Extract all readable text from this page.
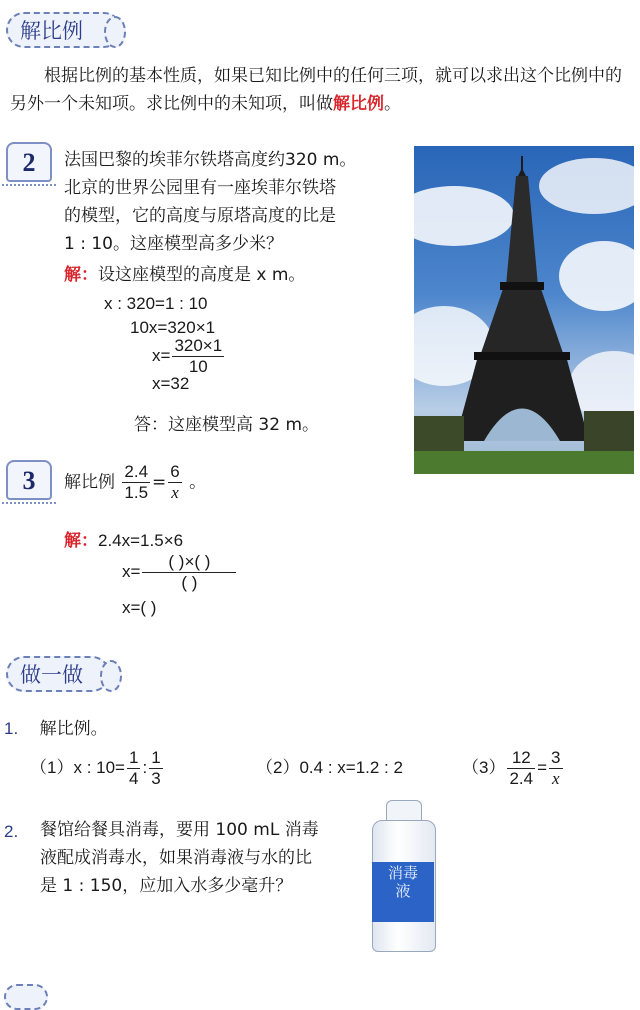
解比例
根据比例的基本性质，如果已知比例中的任何三项，就可以求出这个比例中的另外一个未知项。求比例中的未知项，叫做解比例。
2	法国巴黎的埃菲尔铁塔高度约320 m。
北京的世界公园里有一座埃菲尔铁塔
的模型，它的高度与原塔高度的比是
1 : 10。这座模型高多少米？
解：设这座模型的高度是 x m。
x : 320=1 : 10
10x=320×1
$x= \frac{320\times 1}{10}$
x=32
答：这座模型高 32 m。
3	解比例 $\frac{2.4}{1.5} = \frac{6}{x}$ 。
解：2.4x=1.5×6
$x= \frac{( )\times( )}{( )}$
x=( )
做一做
1. 解比例。
（1）x : $10= \frac{1}{4}$ : $\frac{1}{3}$	（2）0.4 : x=1.2 : 2	$(3) \frac{12}{2.4} = \frac{3}{x}$
2. 餐馆给餐具消毒，要用 100 mL 消毒
液配成消毒水，如果消毒液与水的比
是 1 : 150，应加入水多少毫升？
消毒液
